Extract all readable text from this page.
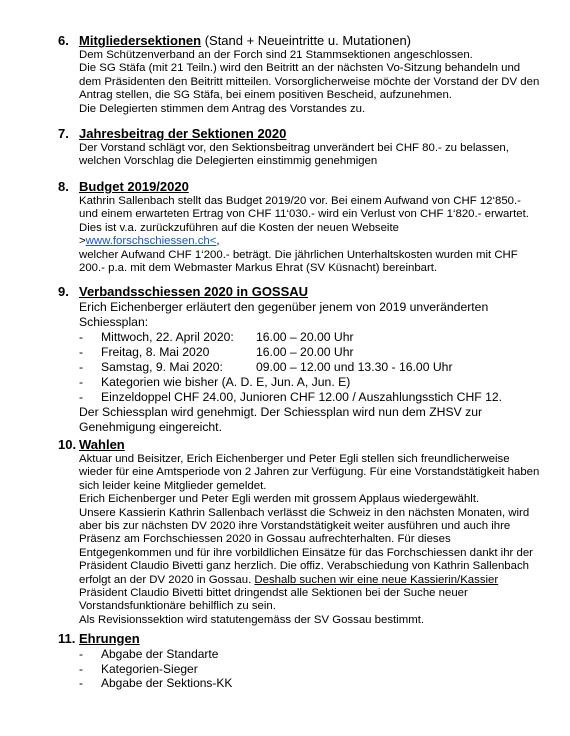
6. Mitgliedersektionen (Stand + Neueintritte u. Mutationen)

Dem Schützenverband an der Forch sind 21 Stammsektionen angeschlossen.

Die SG Stäfa (mit 21 Teiln.) wird den Beitritt an der nächsten Vo-Sitzung behandeln und

dem Präsidenten den Beitritt mitteilen. Vorsorglicherweise möchte der Vorstand der DV den

Antrag stellen, die SG Stäfa, bei einem positiven Bescheid, aufzunehmen.

Die Delegierten stimmen dem Antrag des Vorstandes zu.

7. Jahresbeitrag der Sektionen 2020

Der Vorstand schlägt vor, den Sektionsbeitrag unverändert bei CHF 80.- zu belassen,

welchen Vorschlag die Delegierten einstimmig genehmigen

8. Budget 2019/2020

Kathrin Sallenbach stellt das Budget 2019/20 vor. Bei einem Aufwand von CHF 12‘850.-

und einem erwarteten Ertrag von CHF 11‘030.- wird ein Verlust von CHF 1‘820.- erwartet.

Dies ist v.a. zurückzuführen auf die Kosten der neuen Webseite

>www.forschschiessen.ch<,

welcher Aufwand CHF 1‘200.- beträgt. Die jährlichen Unterhaltskosten wurden mit CHF

200.- p.a. mit dem Webmaster Markus Ehrat (SV Küsnacht) bereinbart.

9. Verbandsschiessen 2020 in GOSSAU

Erich Eichenberger erläutert den gegenüber jenem von 2019 unveränderten

Schiessplan:

- Mittwoch, 22. April 2020: 16.00 – 20.00 Uhr
- Freitag, 8. Mai 2020	16.00 – 20.00 Uhr
- Samstag, 9. Mai 2020:	09.00 – 12.00 und 13.30 - 16.00 Uhr
- Kategorien wie bisher (A. D. E, Jun. A, Jun. E)
- Einzeldoppel CHF 24.00, Junioren CHF 12.00 / Auszahlungsstich CHF 12.

Der Schiessplan wird genehmigt. Der Schiessplan wird nun dem ZHSV zur

Genehmigung eingereicht.

10. Wahlen

Aktuar und Beisitzer, Erich Eichenberger und Peter Egli stellen sich freundlicherweise

wieder für eine Amtsperiode von 2 Jahren zur Verfügung. Für eine Vorstandstätigkeit haben

sich leider keine Mitglieder gemeldet.

Erich Eichenberger und Peter Egli werden mit grossem Applaus wiedergewählt.

Unsere Kassierin Kathrin Sallenbach verlässt die Schweiz in den nächsten Monaten, wird

aber bis zur nächsten DV 2020 ihre Vorstandstätigkeit weiter ausführen und auch ihre

Präsenz am Forchschiessen 2020 in Gossau aufrechterhalten. Für dieses

Entgegenkommen und für ihre vorbildlichen Einsätze für das Forchschiessen dankt ihr der

Präsident Claudio Bivetti ganz herzlich. Die offiz. Verabschiedung von Kathrin Sallenbach

erfolgt an der DV 2020 in Gossau. Deshalb suchen wir eine neue Kassierin/Kassier

Präsident Claudio Bivetti bittet dringendst alle Sektionen bei der Suche neuer

Vorstandsfunktionäre behilflich zu sein.

Als Revisionssektion wird statutengemäss der SV Gossau bestimmt.

11. Ehrungen
- Abgabe der Standarte
- Kategorien-Sieger
- Abgabe der Sektions-KK
